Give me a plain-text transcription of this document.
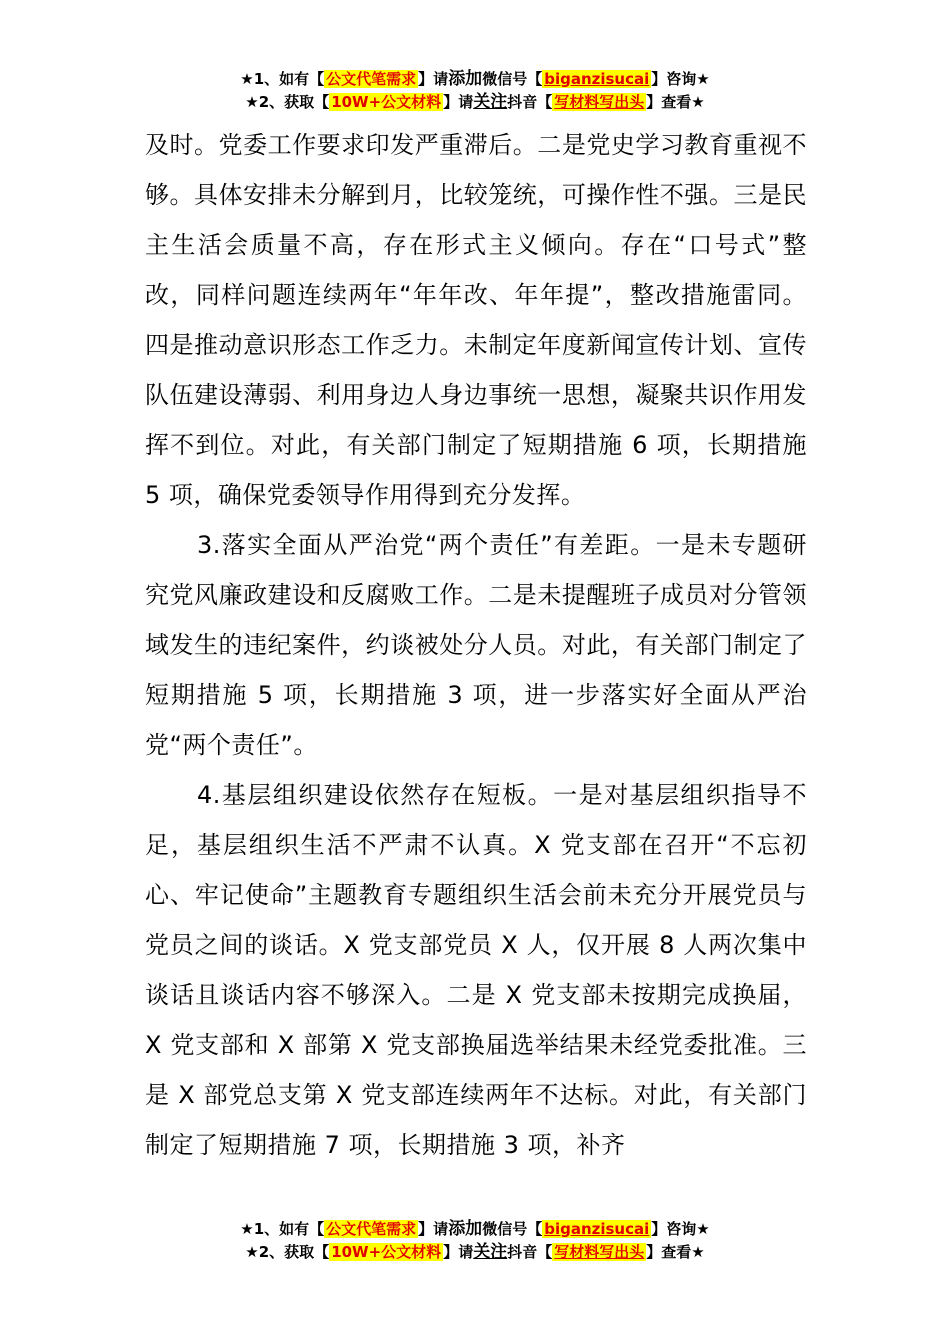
★1、如有【 公文代笔需求 】请添加微信号【 biganzisucai 】咨询★
★2、获取【 10W+公文材料 】请关注抖音【 写材料写出头 】查看★

及时。党委工作要求印发严重滞后。二是党史学习教育重视不够。具体安排未分解到月，比较笼统，可操作性不强。三是民主生活会质量不高，存在形式主义倾向。存在“口号式”整改，同样问题连续两年“年年改、年年提”，整改措施雷同。四是推动意识形态工作乏力。未制定年度新闻宣传计划、宣传队伍建设薄弱、利用身边人身边事统一思想，凝聚共识作用发挥不到位。对此，有关部门制定了短期措施 6 项，长期措施 5 项，确保党委领导作用得到充分发挥。

3.落实全面从严治党“两个责任”有差距。一是未专题研究党风廉政建设和反腐败工作。二是未提醒班子成员对分管领域发生的违纪案件，约谈被处分人员。对此，有关部门制定了短期措施 5 项，长期措施 3 项，进一步落实好全面从严治党“两个责任”。

4.基层组织建设依然存在短板。一是对基层组织指导不足，基层组织生活不严肃不认真。X 党支部在召开“不忘初心、牢记使命”主题教育专题组织生活会前未充分开展党员与党员之间的谈话。X 党支部党员 X 人，仅开展 8 人两次集中谈话且谈话内容不够深入。二是 X 党支部未按期完成换届，X 党支部和 X 部第 X 党支部换届选举结果未经党委批准。三是 X 部党总支第 X 党支部连续两年不达标。对此，有关部门制定了短期措施 7 项，长期措施 3 项，补齐

★1、如有【 公文代笔需求 】请添加微信号【 biganzisucai 】咨询★
★2、获取【 10W+公文材料 】请关注抖音【 写材料写出头 】查看★
